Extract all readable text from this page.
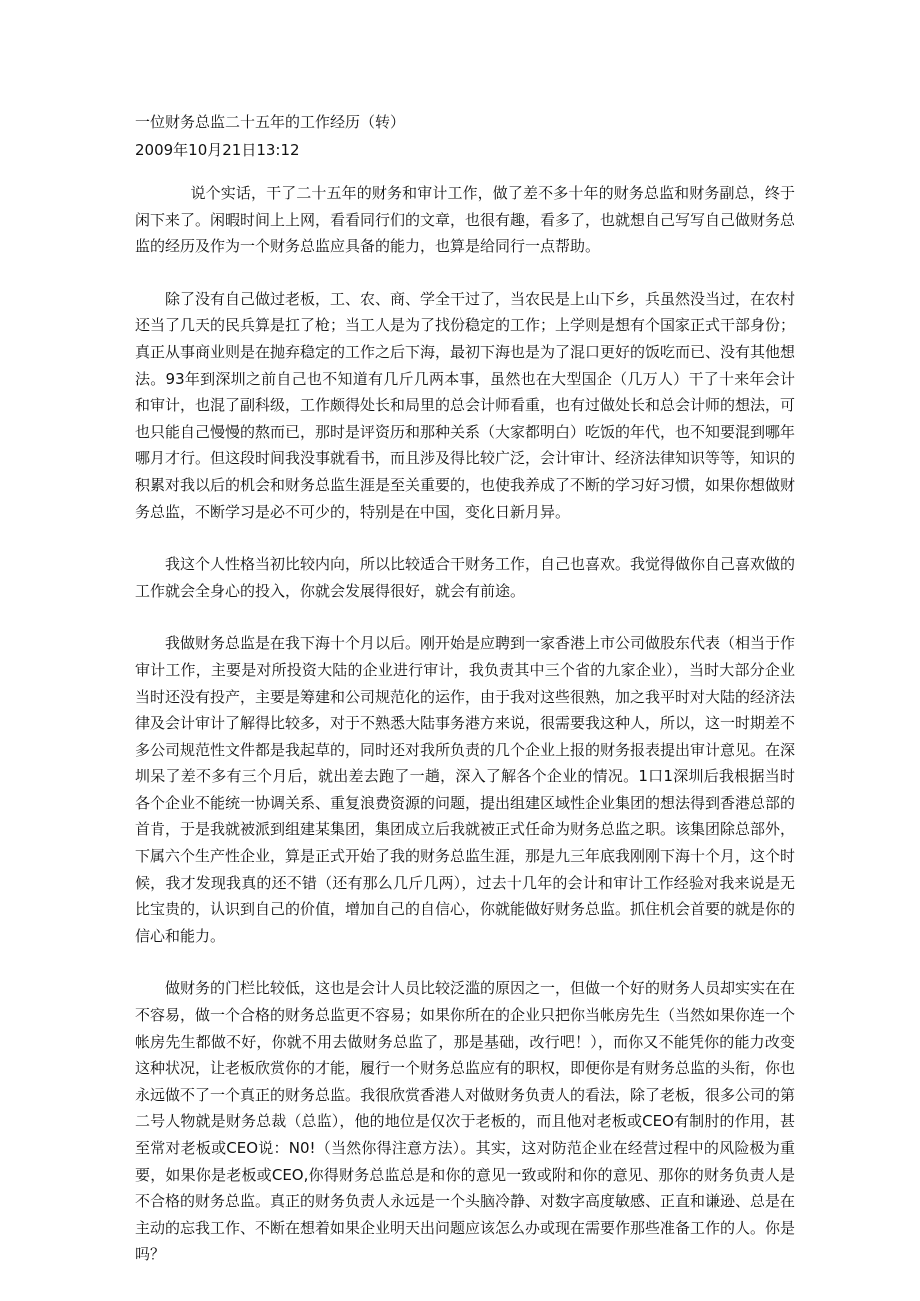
一位财务总监二十五年的工作经历（转）
2009年10月21日13:12

说个实话，干了二十五年的财务和审计工作，做了差不多十年的财务总监和财务副总，终于闲下来了。闲暇时间上上网，看看同行们的文章，也很有趣，看多了，也就想自己写写自己做财务总监的经历及作为一个财务总监应具备的能力，也算是给同行一点帮助。

除了没有自己做过老板，工、农、商、学全干过了，当农民是上山下乡，兵虽然没当过，在农村还当了几天的民兵算是扛了枪；当工人是为了找份稳定的工作；上学则是想有个国家正式干部身份；真正从事商业则是在抛弃稳定的工作之后下海，最初下海也是为了混口更好的饭吃而已、没有其他想法。93年到深圳之前自己也不知道有几斤几两本事，虽然也在大型国企（几万人）干了十来年会计和审计，也混了副科级，工作颇得处长和局里的总会计师看重，也有过做处长和总会计师的想法，可也只能自己慢慢的熬而已，那时是评资历和那种关系（大家都明白）吃饭的年代，也不知要混到哪年哪月才行。但这段时间我没事就看书，而且涉及得比较广泛，会计审计、经济法律知识等等，知识的积累对我以后的机会和财务总监生涯是至关重要的，也使我养成了不断的学习好习惯，如果你想做财务总监，不断学习是必不可少的，特别是在中国，变化日新月异。

我这个人性格当初比较内向，所以比较适合干财务工作，自己也喜欢。我觉得做你自己喜欢做的工作就会全身心的投入，你就会发展得很好，就会有前途。

我做财务总监是在我下海十个月以后。刚开始是应聘到一家香港上市公司做股东代表（相当于作审计工作，主要是对所投资大陆的企业进行审计，我负责其中三个省的九家企业），当时大部分企业当时还没有投产，主要是筹建和公司规范化的运作，由于我对这些很熟，加之我平时对大陆的经济法律及会计审计了解得比较多，对于不熟悉大陆事务港方来说，很需要我这种人，所以，这一时期差不多公司规范性文件都是我起草的，同时还对我所负责的几个企业上报的财务报表提出审计意见。在深圳呆了差不多有三个月后，就出差去跑了一趟，深入了解各个企业的情况。1口1深圳后我根据当时各个企业不能统一协调关系、重复浪费资源的问题，提出组建区域性企业集团的想法得到香港总部的首肯，于是我就被派到组建某集团，集团成立后我就被正式任命为财务总监之职。该集团除总部外，下属六个生产性企业，算是正式开始了我的财务总监生涯，那是九三年底我刚刚下海十个月，这个时候，我才发现我真的还不错（还有那么几斤几两），过去十几年的会计和审计工作经验对我来说是无比宝贵的，认识到自己的价值，增加自己的自信心，你就能做好财务总监。抓住机会首要的就是你的信心和能力。

做财务的门栏比较低，这也是会计人员比较泛滥的原因之一，但做一个好的财务人员却实实在在不容易，做一个合格的财务总监更不容易；如果你所在的企业只把你当帐房先生（当然如果你连一个帐房先生都做不好，你就不用去做财务总监了，那是基础，改行吧！），而你又不能凭你的能力改变这种状况，让老板欣赏你的才能，履行一个财务总监应有的职权，即便你是有财务总监的头衔，你也永远做不了一个真正的财务总监。我很欣赏香港人对做财务负责人的看法，除了老板，很多公司的第二号人物就是财务总裁（总监），他的地位是仅次于老板的，而且他对老板或CEO有制肘的作用，甚至常对老板或CEO说：N0!（当然你得注意方法）。其实，这对防范企业在经营过程中的风险极为重要，如果你是老板或CEO,你得财务总监总是和你的意见一致或附和你的意见、那你的财务负责人是不合格的财务总监。真正的财务负责人永远是一个头脑冷静、对数字高度敏感、正直和谦逊、总是在主动的忘我工作、不断在想着如果企业明天出问题应该怎么办或现在需要作那些准备工作的人。你是吗？
